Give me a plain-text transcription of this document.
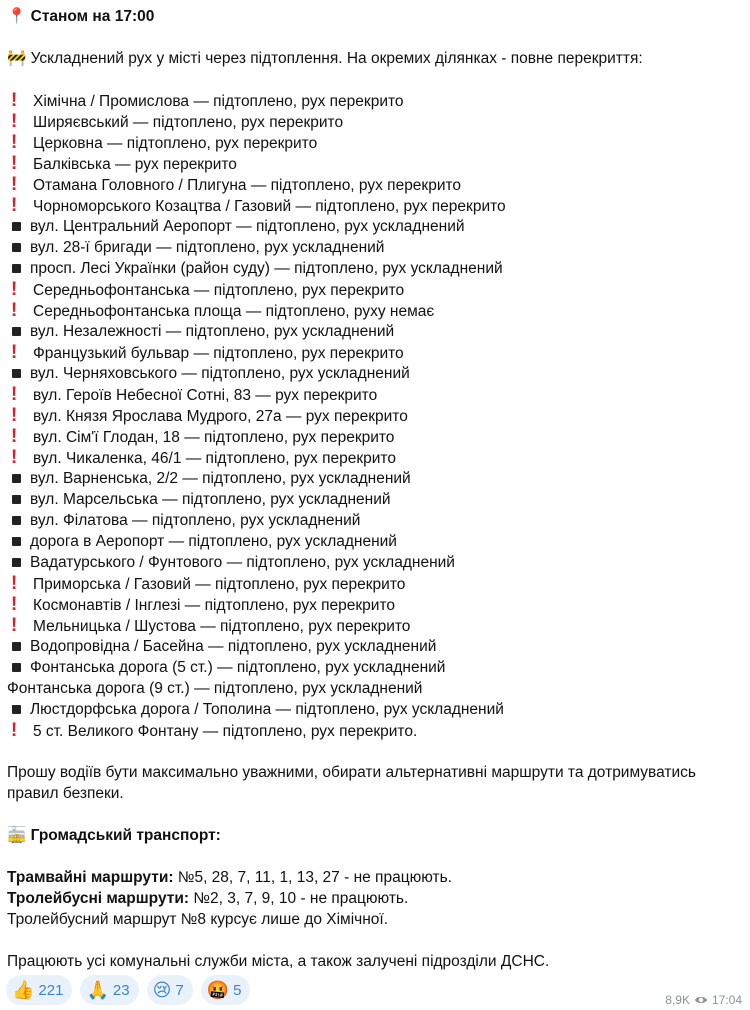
📍 Станом на 17:00
🚧 Ускладнений рух у місті через підтоплення. На окремих ділянках - повне перекриття:
! Хімічна / Промислова — підтоплено, рух перекрито
! Ширяєвський — підтоплено, рух перекрито
! Церковна — підтоплено, рух перекрито
! Балківська — рух перекрито
! Отамана Головного / Плигуна — підтоплено, рух перекрито
! Чорноморського Козацтва / Газовий — підтоплено, рух перекрито
вул. Центральний Аеропорт — підтоплено, рух ускладнений
вул. 28-ї бригади — підтоплено, рух ускладнений
просп. Лесі Українки (район суду) — підтоплено, рух ускладнений
! Середньофонтанська — підтоплено, рух перекрито
! Середньофонтанська площа — підтоплено, руху немає
вул. Незалежності — підтоплено, рух ускладнений
! Французький бульвар — підтоплено, рух перекрито
вул. Черняховського — підтоплено, рух ускладнений
! вул. Героїв Небесної Сотні, 83 — рух перекрито
! вул. Князя Ярослава Мудрого, 27а — рух перекрито
! вул. Сім'ї Глодан, 18 — підтоплено, рух перекрито
! вул. Чикаленка, 46/1 — підтоплено, рух перекрито
вул. Варненська, 2/2 — підтоплено, рух ускладнений
вул. Марсельська — підтоплено, рух ускладнений
вул. Філатова — підтоплено, рух ускладнений
дорога в Аеропорт — підтоплено, рух ускладнений
Вадатурського / Фунтового — підтоплено, рух ускладнений
! Приморська / Газовий — підтоплено, рух перекрито
! Космонавтів / Інглезі — підтоплено, рух перекрито
! Мельницька / Шустова — підтоплено, рух перекрито
Водопровідна / Басейна — підтоплено, рух ускладнений
Фонтанська дорога (5 ст.) — підтоплено, рух ускладнений
Фонтанська дорога (9 ст.) — підтоплено, рух ускладнений
Люстдорфська дорога / Тополина — підтоплено, рух ускладнений
! 5 ст. Великого Фонтану — підтоплено, рух перекрито.
Прошу водіїв бути максимально уважними, обирати альтернативні маршрути та дотримуватись
правил безпеки.
🚋 Громадський транспорт:
Трамвайні маршрути: №5, 28, 7, 11, 1, 13, 27 - не працюють.
Тролейбусні маршрути: №2, 3, 7, 9, 10 - не працюють.
Тролейбусний маршрут №8 курсує лише до Хімічної.
Працюють усі комунальні служби міста, а також залучені підрозділи ДСНС.
👍 221 🙏 23 😢 7 🤬 5
8,9K 17:04
